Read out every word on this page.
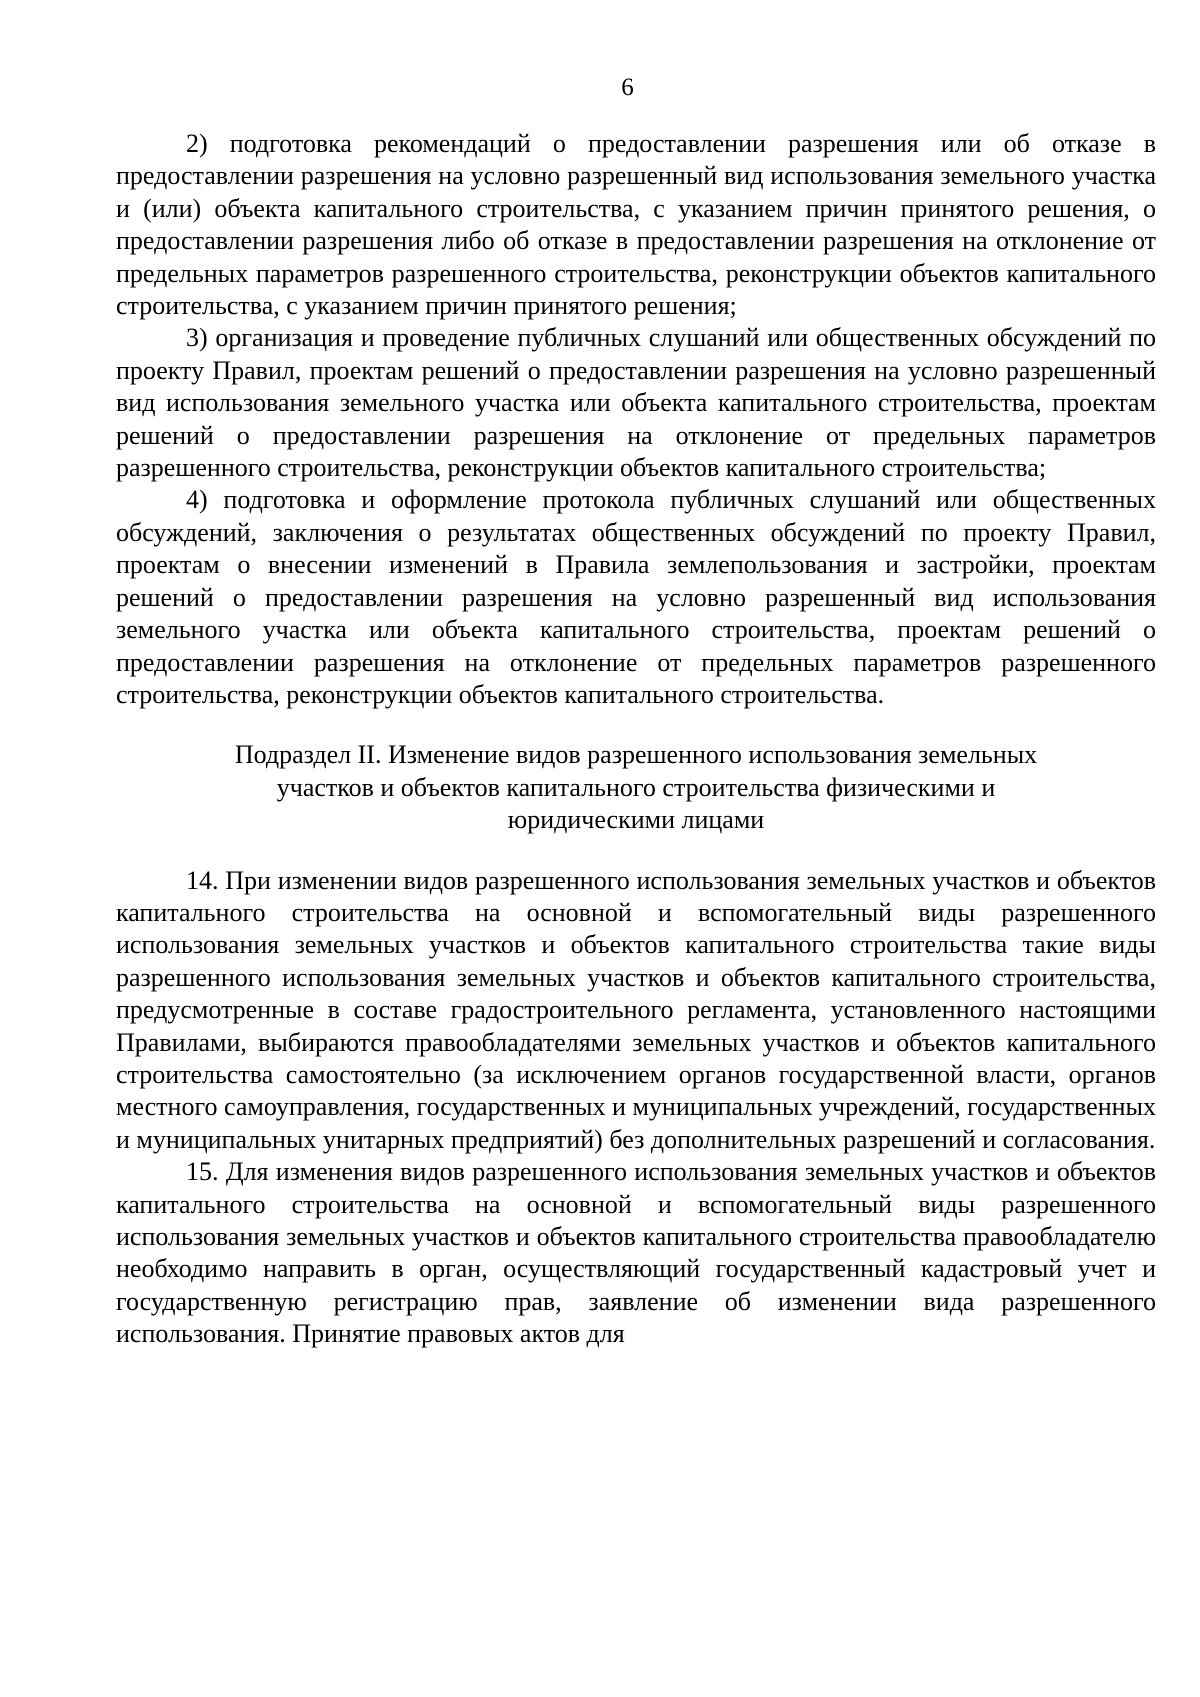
6

2) подготовка рекомендаций о предоставлении разрешения или об отказе в предоставлении разрешения на условно разрешенный вид использования земельного участка и (или) объекта капитального строительства, с указанием причин принятого решения, о предоставлении разрешения либо об отказе в предоставлении разрешения на отклонение от предельных параметров разрешенного строительства, реконструкции объектов капитального строительства, с указанием причин принятого решения;

3) организация и проведение публичных слушаний или общественных обсуждений по проекту Правил, проектам решений о предоставлении разрешения на условно разрешенный вид использования земельного участка или объекта капитального строительства, проектам решений о предоставлении разрешения на отклонение от предельных параметров разрешенного строительства, реконструкции объектов капитального строительства;

4) подготовка и оформление протокола публичных слушаний или общественных обсуждений, заключения о результатах общественных обсуждений по проекту Правил, проектам о внесении изменений в Правила землепользования и застройки, проектам решений о предоставлении разрешения на условно разрешенный вид использования земельного участка или объекта капитального строительства, проектам решений о предоставлении разрешения на отклонение от предельных параметров разрешенного строительства, реконструкции объектов капитального строительства.

Подраздел II. Изменение видов разрешенного использования земельных
участков и объектов капитального строительства физическими и
юридическими лицами

14. При изменении видов разрешенного использования земельных участков и объектов капитального строительства на основной и вспомогательный виды разрешенного использования земельных участков и объектов капитального строительства такие виды разрешенного использования земельных участков и объектов капитального строительства, предусмотренные в составе градостроительного регламента, установленного настоящими Правилами, выбираются правообладателями земельных участков и объектов капитального строительства самостоятельно (за исключением органов государственной власти, органов местного самоуправления, государственных и муниципальных учреждений, государственных и муниципальных унитарных предприятий) без дополнительных разрешений и согласования.

15. Для изменения видов разрешенного использования земельных участков и объектов капитального строительства на основной и вспомогательный виды разрешенного использования земельных участков и объектов капитального строительства правообладателю необходимо направить в орган, осуществляющий государственный кадастровый учет и государственную регистрацию прав, заявление об изменении вида разрешенного использования. Принятие правовых актов для
